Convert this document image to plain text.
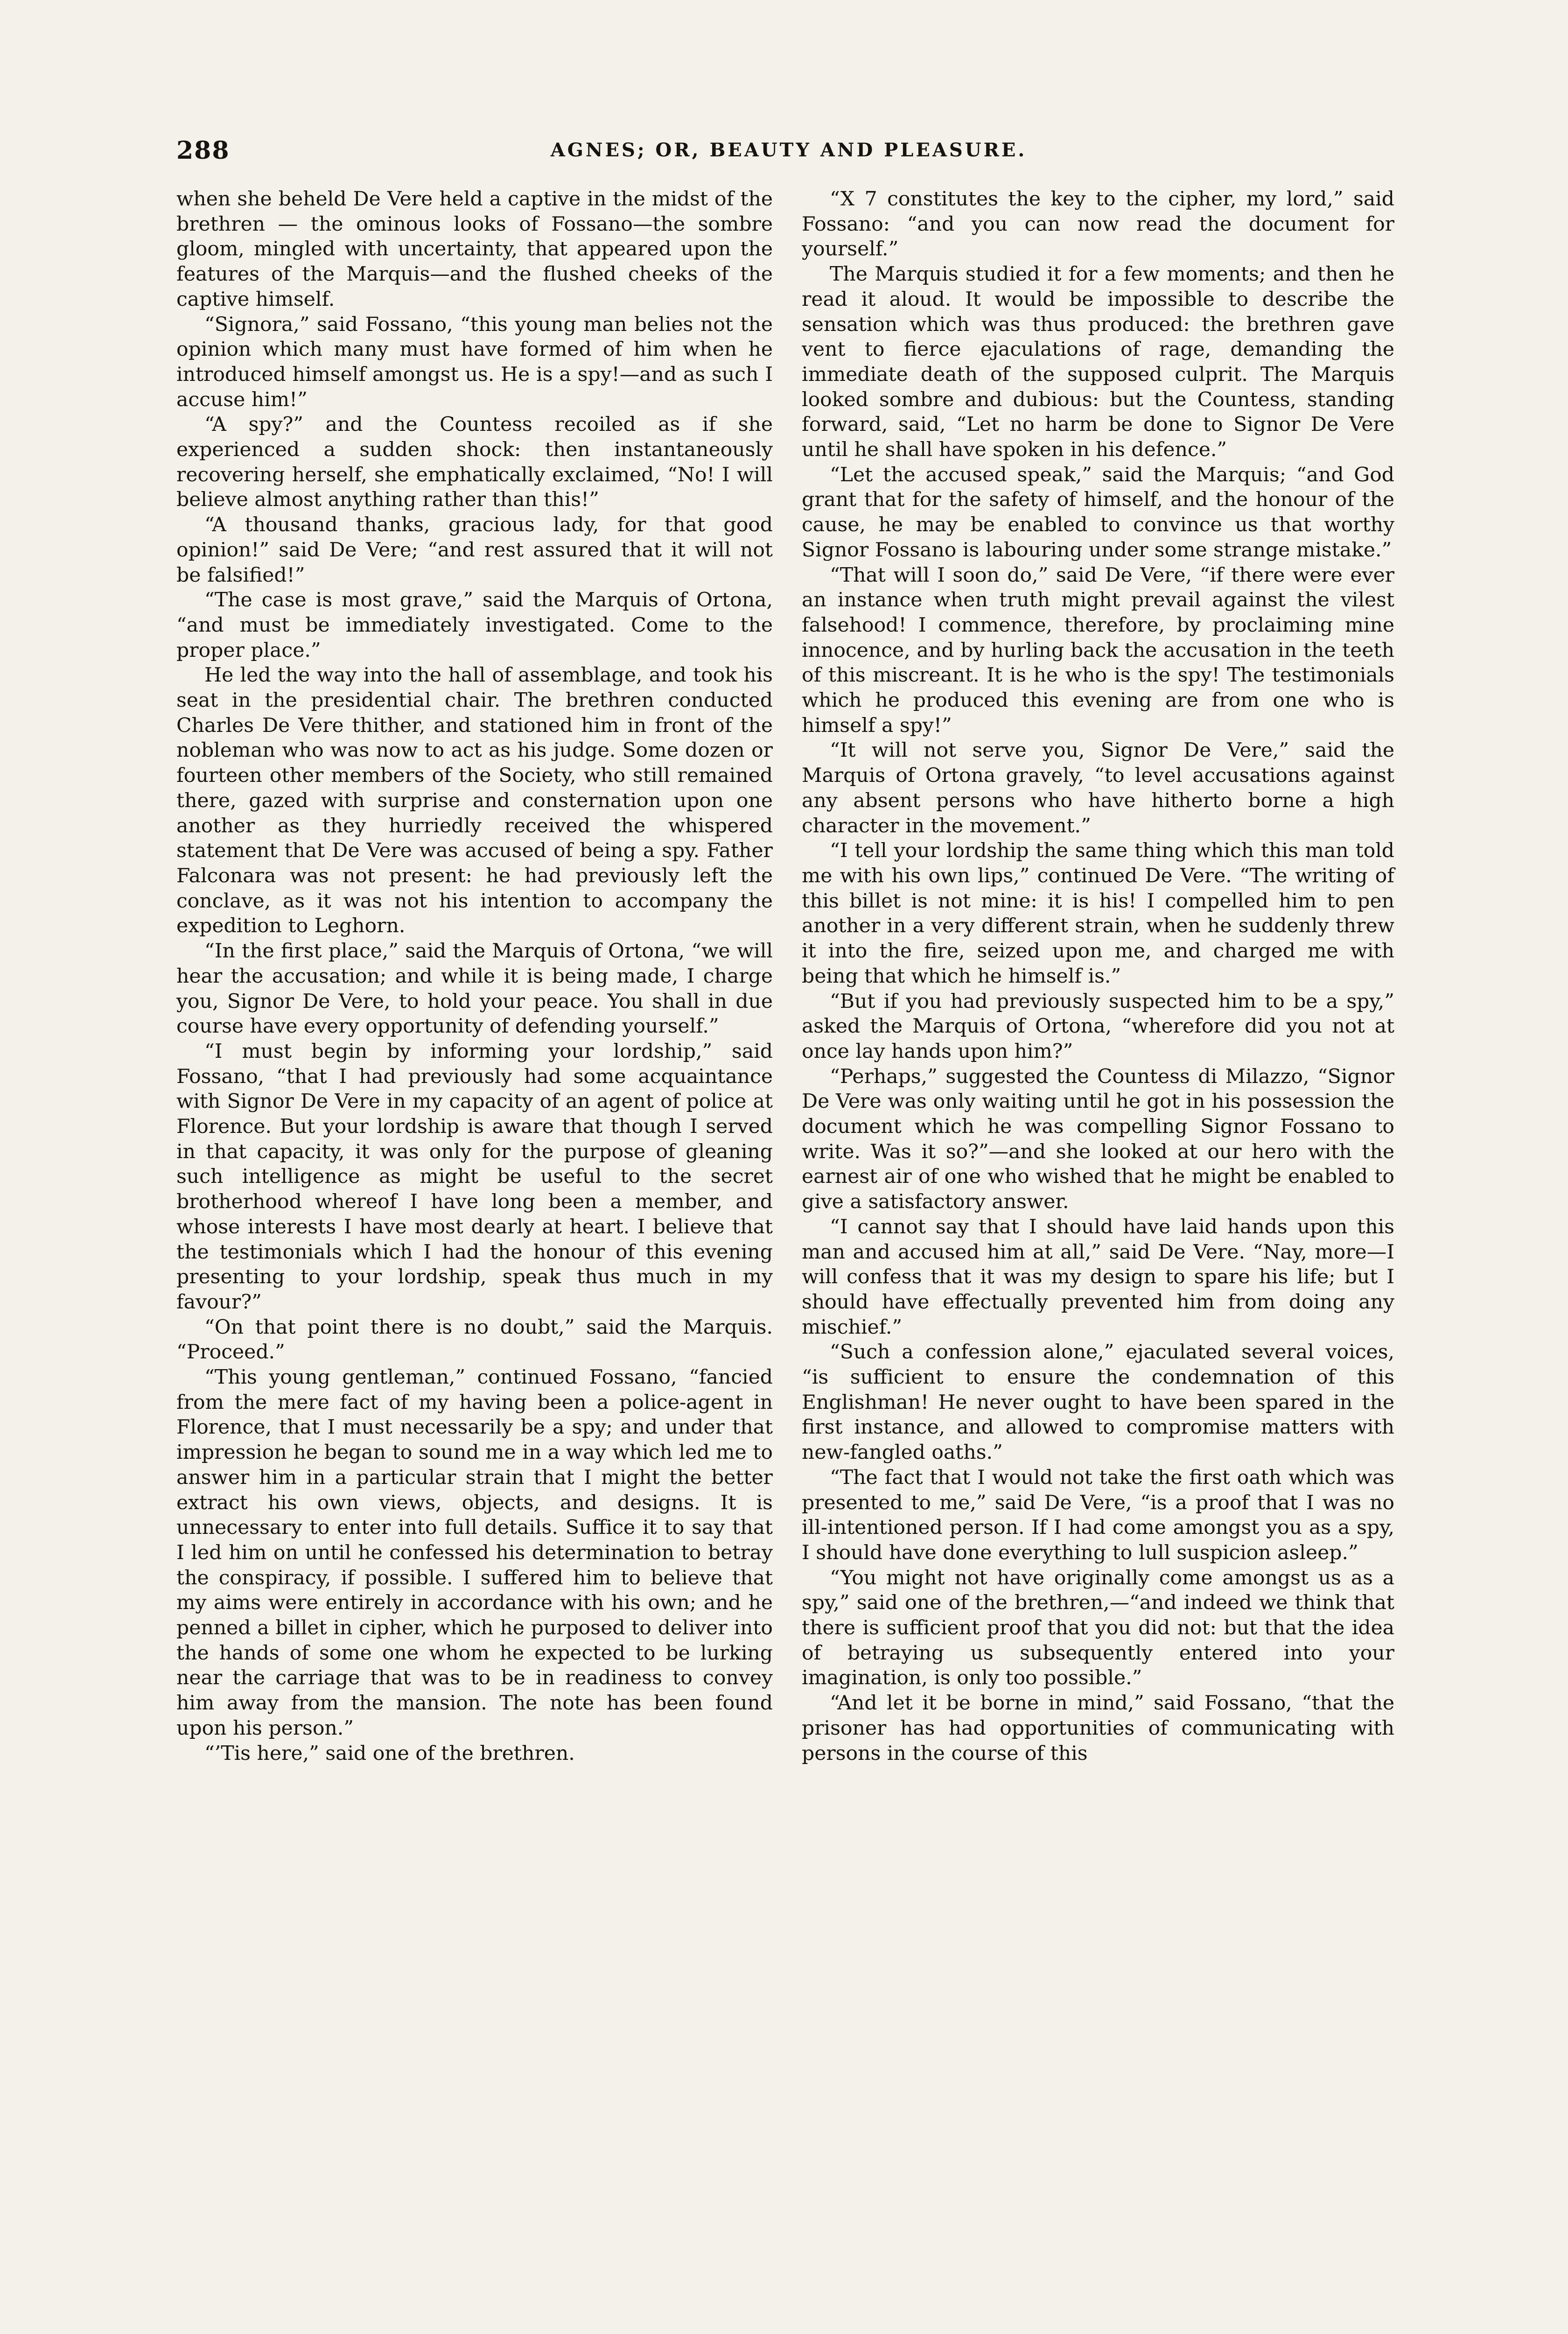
288	AGNES; OR, BEAUTY AND PLEASURE.

when she beheld De Vere held a captive in the midst of the brethren — the ominous looks of Fossano—the sombre gloom, mingled with uncertainty, that appeared upon the features of the Marquis—and the flushed cheeks of the captive himself.

“Signora,” said Fossano, “this young man belies not the opinion which many must have formed of him when he introduced himself amongst us. He is a spy!—and as such I accuse him!”

“A spy?” and the Countess recoiled as if she experienced a sudden shock: then instantaneously recovering herself, she emphatically exclaimed, “No! I will believe almost anything rather than this!”

“A thousand thanks, gracious lady, for that good opinion!” said De Vere; “and rest assured that it will not be falsified!”

“The case is most grave,” said the Marquis of Ortona, “and must be immediately investigated. Come to the proper place.”

He led the way into the hall of assemblage, and took his seat in the presidential chair. The brethren conducted Charles De Vere thither, and stationed him in front of the nobleman who was now to act as his judge. Some dozen or fourteen other members of the Society, who still remained there, gazed with surprise and consternation upon one another as they hurriedly received the whispered statement that De Vere was accused of being a spy. Father Falconara was not present: he had previously left the conclave, as it was not his intention to accompany the expedition to Leghorn.

“In the first place,” said the Marquis of Ortona, “we will hear the accusation; and while it is being made, I charge you, Signor De Vere, to hold your peace. You shall in due course have every opportunity of defending yourself.”

“I must begin by informing your lordship,” said Fossano, “that I had previously had some acquaintance with Signor De Vere in my capacity of an agent of police at Florence. But your lordship is aware that though I served in that capacity, it was only for the purpose of gleaning such intelligence as might be useful to the secret brotherhood whereof I have long been a member, and whose interests I have most dearly at heart. I believe that the testimonials which I had the honour of this evening presenting to your lordship, speak thus much in my favour?”

“On that point there is no doubt,” said the Marquis. “Proceed.”

“This young gentleman,” continued Fossano, “fancied from the mere fact of my having been a police-agent in Florence, that I must necessarily be a spy; and under that impression he began to sound me in a way which led me to answer him in a particular strain that I might the better extract his own views, objects, and designs. It is unnecessary to enter into full details. Suffice it to say that I led him on until he confessed his determination to betray the conspiracy, if possible. I suffered him to believe that my aims were entirely in accordance with his own; and he penned a billet in cipher, which he purposed to deliver into the hands of some one whom he expected to be lurking near the carriage that was to be in readiness to convey him away from the mansion. The note has been found upon his person.”

“’Tis here,” said one of the brethren.

“X 7 constitutes the key to the cipher, my lord,” said Fossano: “and you can now read the document for yourself.”

The Marquis studied it for a few moments; and then he read it aloud. It would be impossible to describe the sensation which was thus produced: the brethren gave vent to fierce ejaculations of rage, demanding the immediate death of the supposed culprit. The Marquis looked sombre and dubious: but the Countess, standing forward, said, “Let no harm be done to Signor De Vere until he shall have spoken in his defence.”

“Let the accused speak,” said the Marquis; “and God grant that for the safety of himself, and the honour of the cause, he may be enabled to convince us that worthy Signor Fossano is labouring under some strange mistake.”

“That will I soon do,” said De Vere, “if there were ever an instance when truth might prevail against the vilest falsehood! I commence, therefore, by proclaiming mine innocence, and by hurling back the accusation in the teeth of this miscreant. It is he who is the spy! The testimonials which he produced this evening are from one who is himself a spy!”

“It will not serve you, Signor De Vere,” said the Marquis of Ortona gravely, “to level accusations against any absent persons who have hitherto borne a high character in the movement.”

“I tell your lordship the same thing which this man told me with his own lips,” continued De Vere. “The writing of this billet is not mine: it is his! I compelled him to pen another in a very different strain, when he suddenly threw it into the fire, seized upon me, and charged me with being that which he himself is.”

“But if you had previously suspected him to be a spy,” asked the Marquis of Ortona, “wherefore did you not at once lay hands upon him?”

“Perhaps,” suggested the Countess di Milazzo, “Signor De Vere was only waiting until he got in his possession the document which he was compelling Signor Fossano to write. Was it so?”—and she looked at our hero with the earnest air of one who wished that he might be enabled to give a satisfactory answer.

“I cannot say that I should have laid hands upon this man and accused him at all,” said De Vere. “Nay, more—I will confess that it was my design to spare his life; but I should have effectually prevented him from doing any mischief.”

“Such a confession alone,” ejaculated several voices, “is sufficient to ensure the condemnation of this Englishman! He never ought to have been spared in the first instance, and allowed to compromise matters with new-fangled oaths.”

“The fact that I would not take the first oath which was presented to me,” said De Vere, “is a proof that I was no ill-intentioned person. If I had come amongst you as a spy, I should have done everything to lull suspicion asleep.”

“You might not have originally come amongst us as a spy,” said one of the brethren,—“and indeed we think that there is sufficient proof that you did not: but that the idea of betraying us subsequently entered into your imagination, is only too possible.”

“And let it be borne in mind,” said Fossano, “that the prisoner has had opportunities of communicating with persons in the course of this
